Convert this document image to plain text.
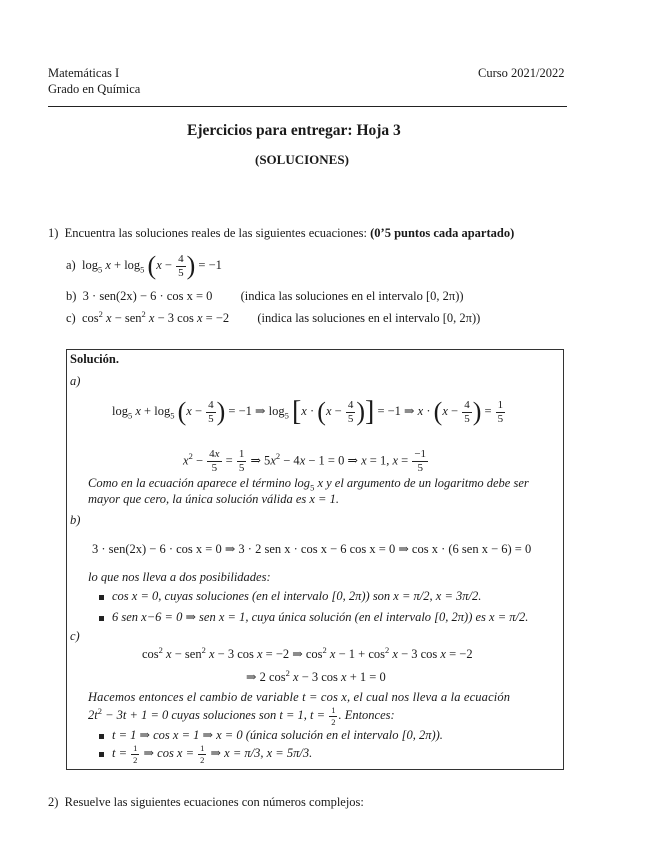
Matemáticas I
Grado en Química
Curso 2021/2022
Ejercicios para entregar: Hoja 3
(SOLUCIONES)
1) Encuentra las soluciones reales de las siguientes ecuaciones: (0’5 puntos cada apartado)
a) $\log_5 x + \log_5 (x - \frac{4}{5}$ ) = −1
b) 3 · sen(2x) − 6 · cos x = 0 (indica las soluciones en el intervalo [0, 2π))
c) $\cos^2 x - sen^2$ x − 3 cos x = −2 (indica las soluciones en el intervalo [0, 2π))
Solución.
a)
$\log_5 x + \log_5 (x - \frac{4}{5}$ ) = −1 ⇒ $\log_5 [x \cdot (x - \frac{4}{5}$ )] = −1 ⇒ $x \cdot (x - \frac{4}{5}$ ) = $\frac{1}{5}$
$x^2 - \frac{4x}{5} = \frac{1}{5}$ ⇒ $5x^2 - 4x - 1 = 0$ ⇒ x = 1, $x = \frac{-1}{5}$
Como en la ecuación aparece el término $\log_5 x$ y el argumento de un logaritmo debe ser
mayor que cero, la única solución válida es x = 1.
b)
3 · sen(2x) − 6 · cos x = 0 ⇒ 3 · 2 sen x · cos x − 6 cos x = 0 ⇒ cos x · (6 sen x − 6) = 0
lo que nos lleva a dos posibilidades:
cos x = 0, cuyas soluciones (en el intervalo [0, 2π)) son x = π/2, x = 3π/2.
6 sen x−6 = 0 ⇒ sen x = 1, cuya única solución (en el intervalo [0, 2π)) es x = π/2.
c)
$\cos^2 x - sen^2$ x − 3 cos x = −2 ⇒ $\cos^2 x - 1 + \cos^2 x - 3$ cos x = −2
⇒ 2 $\cos^2 x - 3$ cos x + 1 = 0
Hacemos entonces el cambio de variable t = cos x, el cual nos lleva a la ecuación
$2t^2 - 3t + 1 = 0$ cuyas soluciones son t = 1, $t = \frac{1}{2}$ . Entonces:
t = 1 ⇒ cos x = 1 ⇒ x = 0 (única solución en el intervalo [0, 2π)).
$t = \frac{1}{2}$ ⇒ $\cos x = \frac{1}{2}$ ⇒ x = π/3, x = 5π/3.
2) Resuelve las siguientes ecuaciones con números complejos:
